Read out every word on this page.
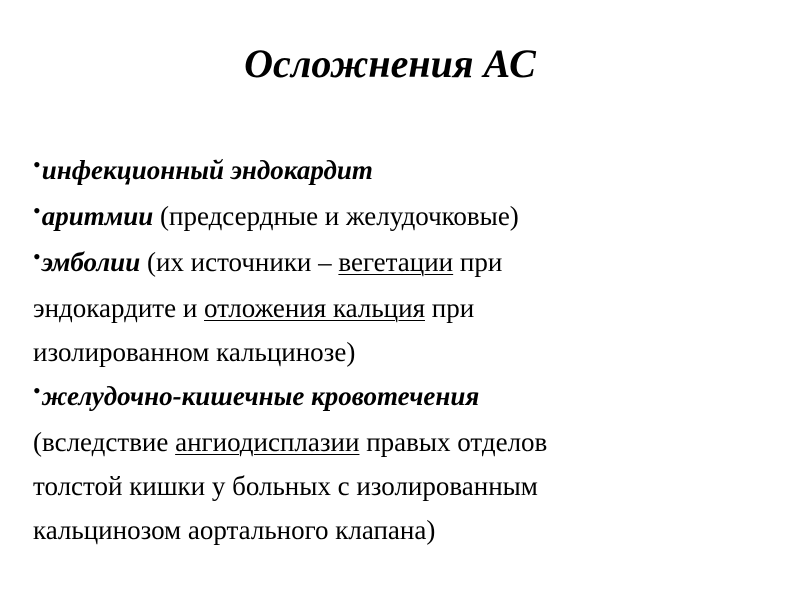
Осложнения АС
•инфекционный эндокардит
•аритмии (предсердные и желудочковые)
•эмболии (их источники – вегетации при эндокардите и отложения кальция при изолированном кальцинозе)
•желудочно-кишечные кровотечения (вследствие ангиодисплазии правых отделов толстой кишки у больных с изолированным кальцинозом аортального клапана)
